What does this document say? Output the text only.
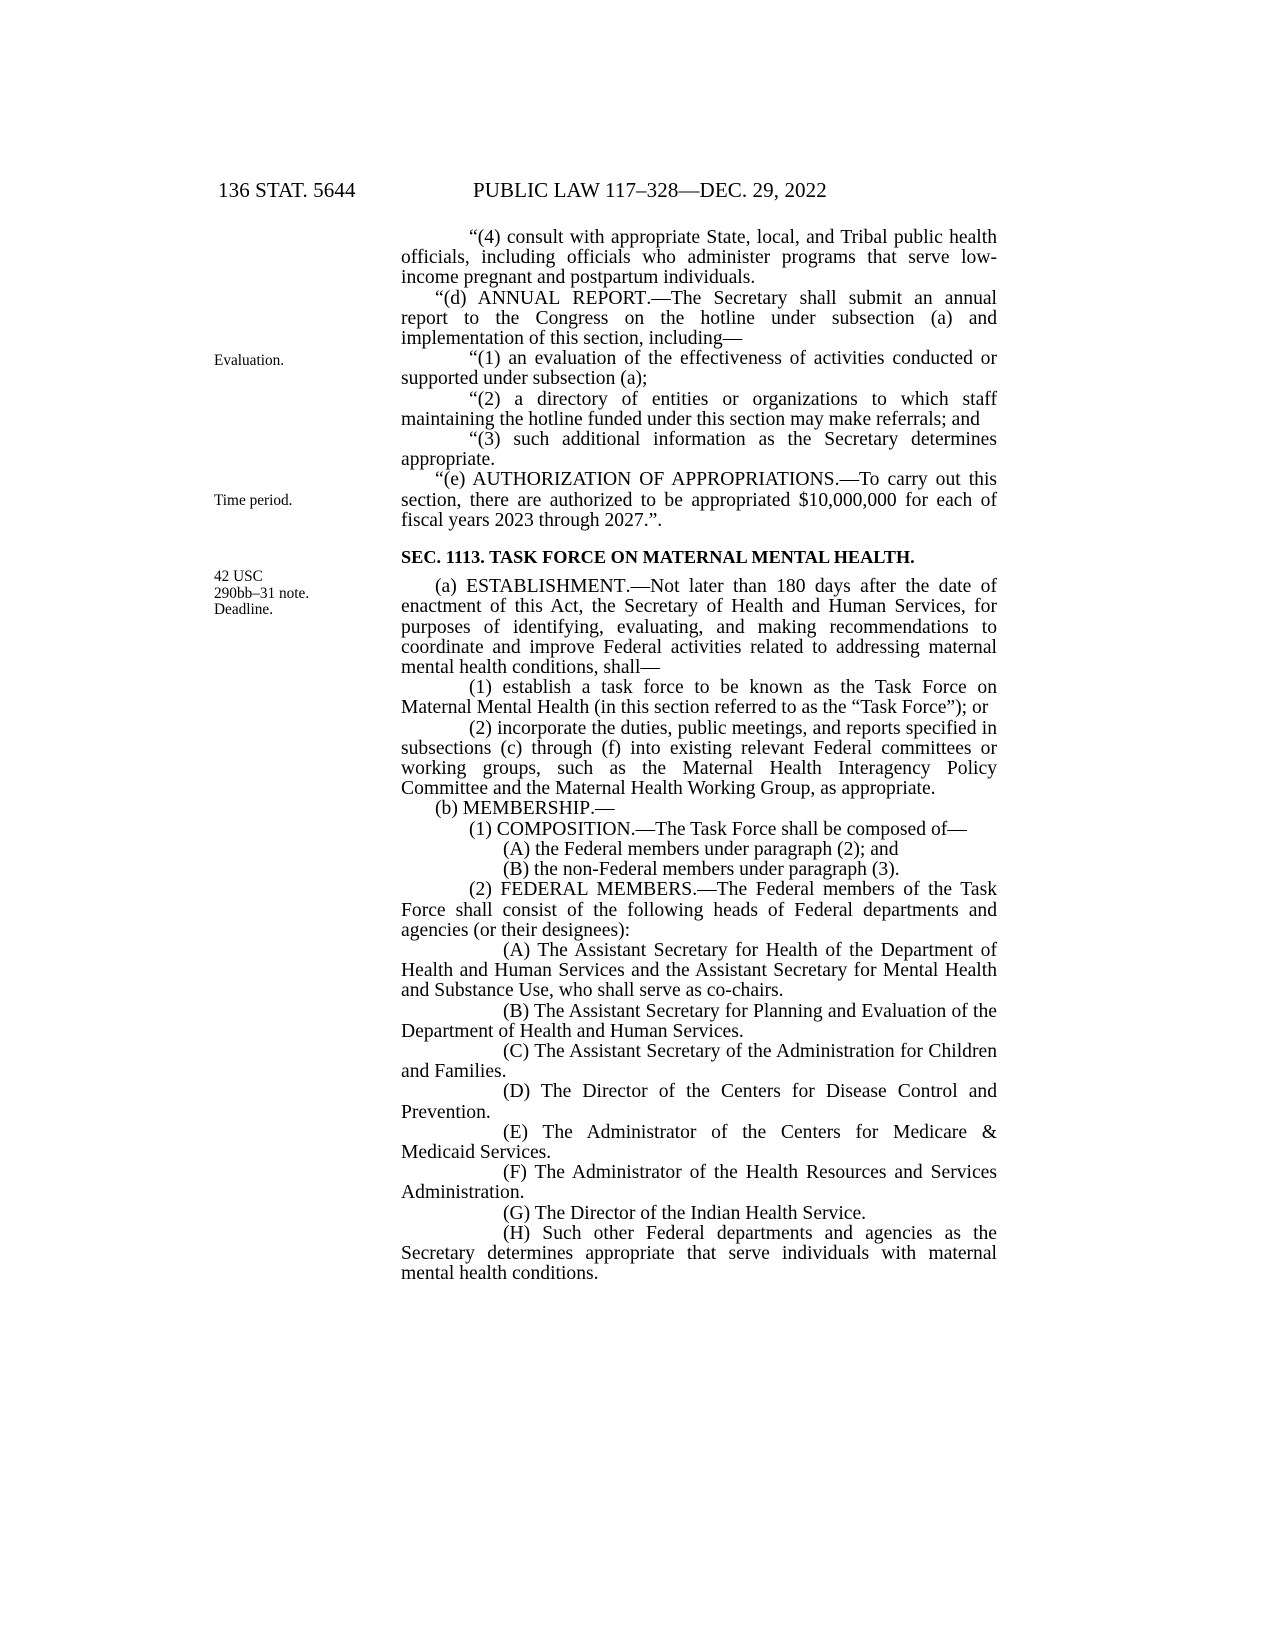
136 STAT. 5644	PUBLIC LAW 117–328—DEC. 29, 2022
Evaluation.
Time period.
42 USC
290bb–31 note.
Deadline.

“(4) consult with appropriate State, local, and Tribal public health officials, including officials who administer programs that serve low-income pregnant and postpartum individuals.

“(d) ANNUAL REPORT.—The Secretary shall submit an annual report to the Congress on the hotline under subsection (a) and implementation of this section, including—

“(1) an evaluation of the effectiveness of activities conducted or supported under subsection (a);

“(2) a directory of entities or organizations to which staff maintaining the hotline funded under this section may make referrals; and

“(3) such additional information as the Secretary determines appropriate.

“(e) AUTHORIZATION OF APPROPRIATIONS.—To carry out this section, there are authorized to be appropriated $10,000,000 for each of fiscal years 2023 through 2027.”.

SEC. 1113. TASK FORCE ON MATERNAL MENTAL HEALTH.

(a) ESTABLISHMENT.—Not later than 180 days after the date of enactment of this Act, the Secretary of Health and Human Services, for purposes of identifying, evaluating, and making recommendations to coordinate and improve Federal activities related to addressing maternal mental health conditions, shall—

(1) establish a task force to be known as the Task Force on Maternal Mental Health (in this section referred to as the “Task Force”); or

(2) incorporate the duties, public meetings, and reports specified in subsections (c) through (f) into existing relevant Federal committees or working groups, such as the Maternal Health Interagency Policy Committee and the Maternal Health Working Group, as appropriate.

(b) MEMBERSHIP.—

(1) COMPOSITION.—The Task Force shall be composed of—

(A) the Federal members under paragraph (2); and

(B) the non-Federal members under paragraph (3).

(2) FEDERAL MEMBERS.—The Federal members of the Task Force shall consist of the following heads of Federal departments and agencies (or their designees):

(A) The Assistant Secretary for Health of the Department of Health and Human Services and the Assistant Secretary for Mental Health and Substance Use, who shall serve as co-chairs.

(B) The Assistant Secretary for Planning and Evaluation of the Department of Health and Human Services.

(C) The Assistant Secretary of the Administration for Children and Families.

(D) The Director of the Centers for Disease Control and Prevention.

(E) The Administrator of the Centers for Medicare & Medicaid Services.

(F) The Administrator of the Health Resources and Services Administration.

(G) The Director of the Indian Health Service.

(H) Such other Federal departments and agencies as the Secretary determines appropriate that serve individuals with maternal mental health conditions.
